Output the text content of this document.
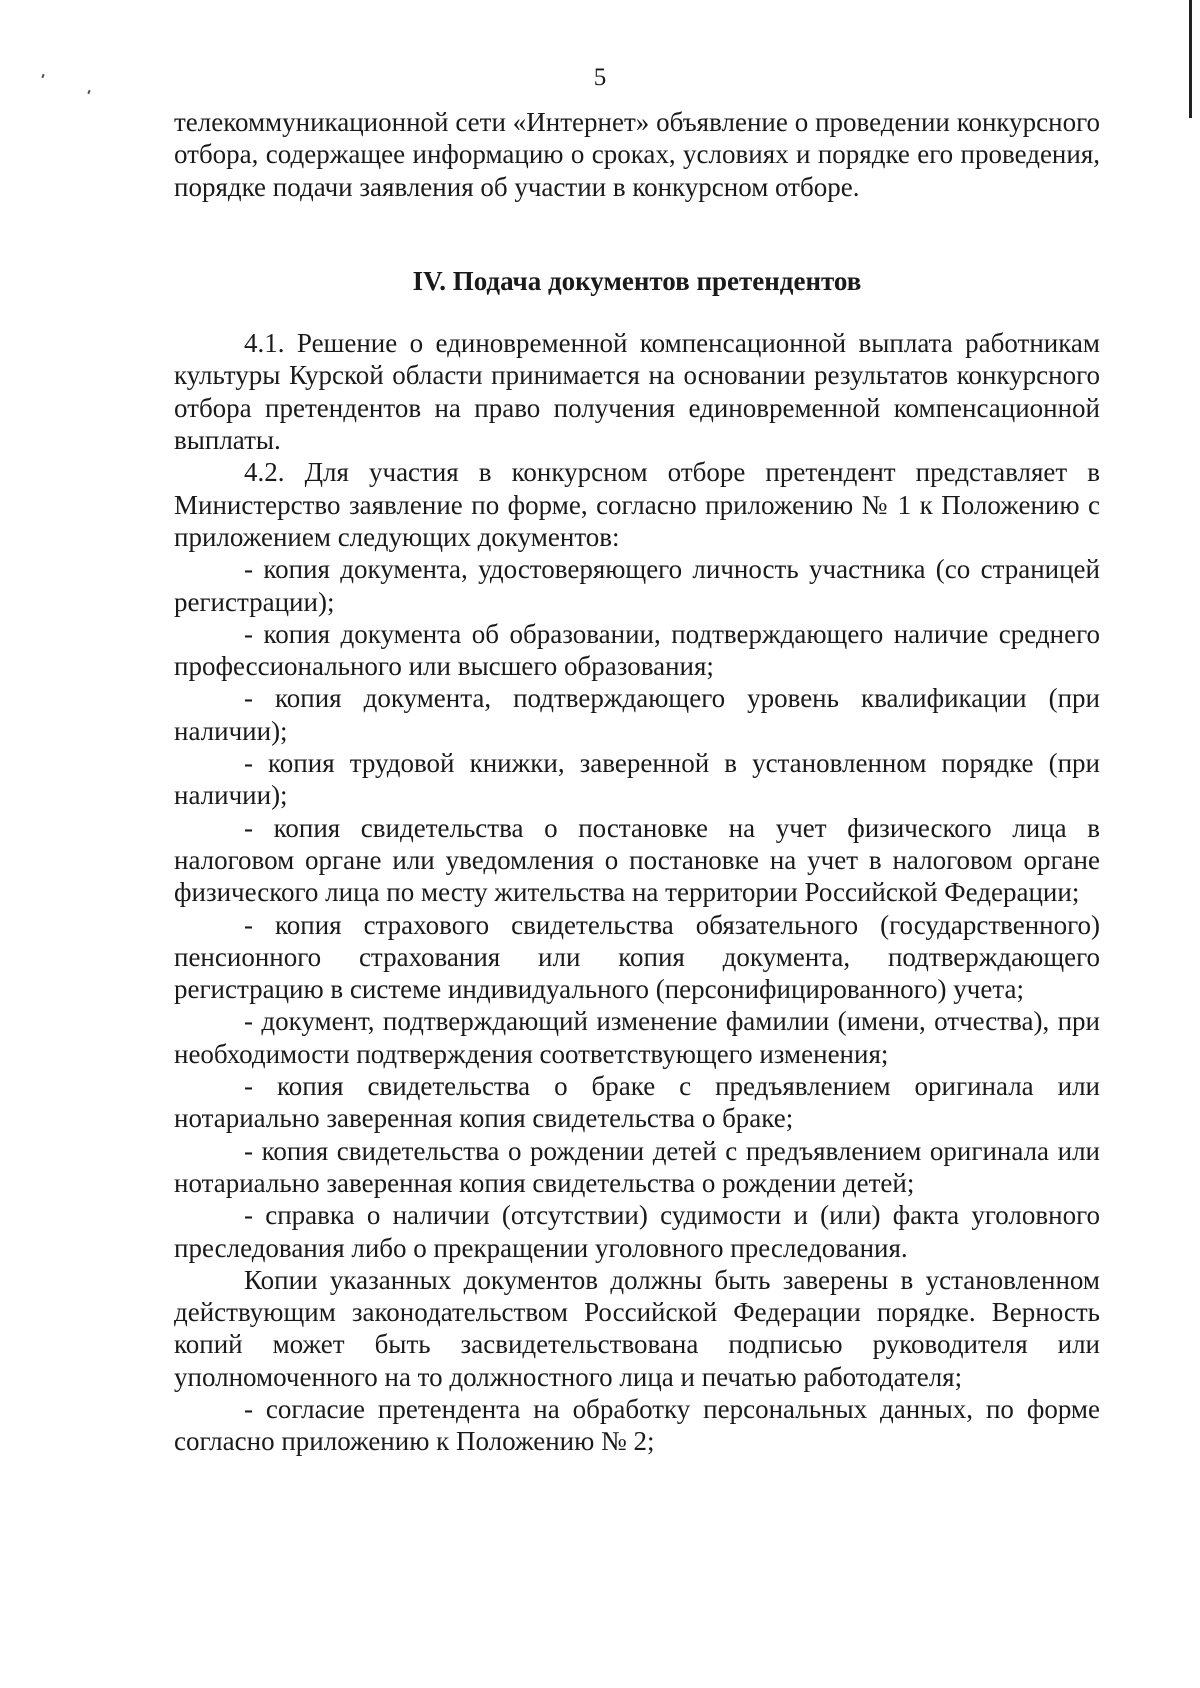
5

телекоммуникационной сети «Интернет» объявление о проведении конкурсного отбора, содержащее информацию о сроках, условиях и порядке его проведения, порядке подачи заявления об участии в конкурсном отборе.

IV. Подача документов претендентов

4.1. Решение о единовременной компенсационной выплата работникам культуры Курской области принимается на основании результатов конкурсного отбора претендентов на право получения единовременной компенсационной выплаты.

4.2. Для участия в конкурсном отборе претендент представляет в Министерство заявление по форме, согласно приложению № 1 к Положению с приложением следующих документов:

- копия документа, удостоверяющего личность участника (со страницей регистрации);

- копия документа об образовании, подтверждающего наличие среднего профессионального или высшего образования;

- копия документа, подтверждающего уровень квалификации (при наличии);

- копия трудовой книжки, заверенной в установленном порядке (при наличии);

- копия свидетельства о постановке на учет физического лица в налоговом органе или уведомления о постановке на учет в налоговом органе физического лица по месту жительства на территории Российской Федерации;

- копия страхового свидетельства обязательного (государственного) пенсионного страхования или копия документа, подтверждающего регистрацию в системе индивидуального (персонифицированного) учета;

- документ, подтверждающий изменение фамилии (имени, отчества), при необходимости подтверждения соответствующего изменения;

- копия свидетельства о браке с предъявлением оригинала или нотариально заверенная копия свидетельства о браке;

- копия свидетельства о рождении детей с предъявлением оригинала или нотариально заверенная копия свидетельства о рождении детей;

- справка о наличии (отсутствии) судимости и (или) факта уголовного преследования либо о прекращении уголовного преследования.

Копии указанных документов должны быть заверены в установленном действующим законодательством Российской Федерации порядке. Верность копий может быть засвидетельствована подписью руководителя или уполномоченного на то должностного лица и печатью работодателя;

- согласие претендента на обработку персональных данных, по форме согласно приложению к Положению № 2;
